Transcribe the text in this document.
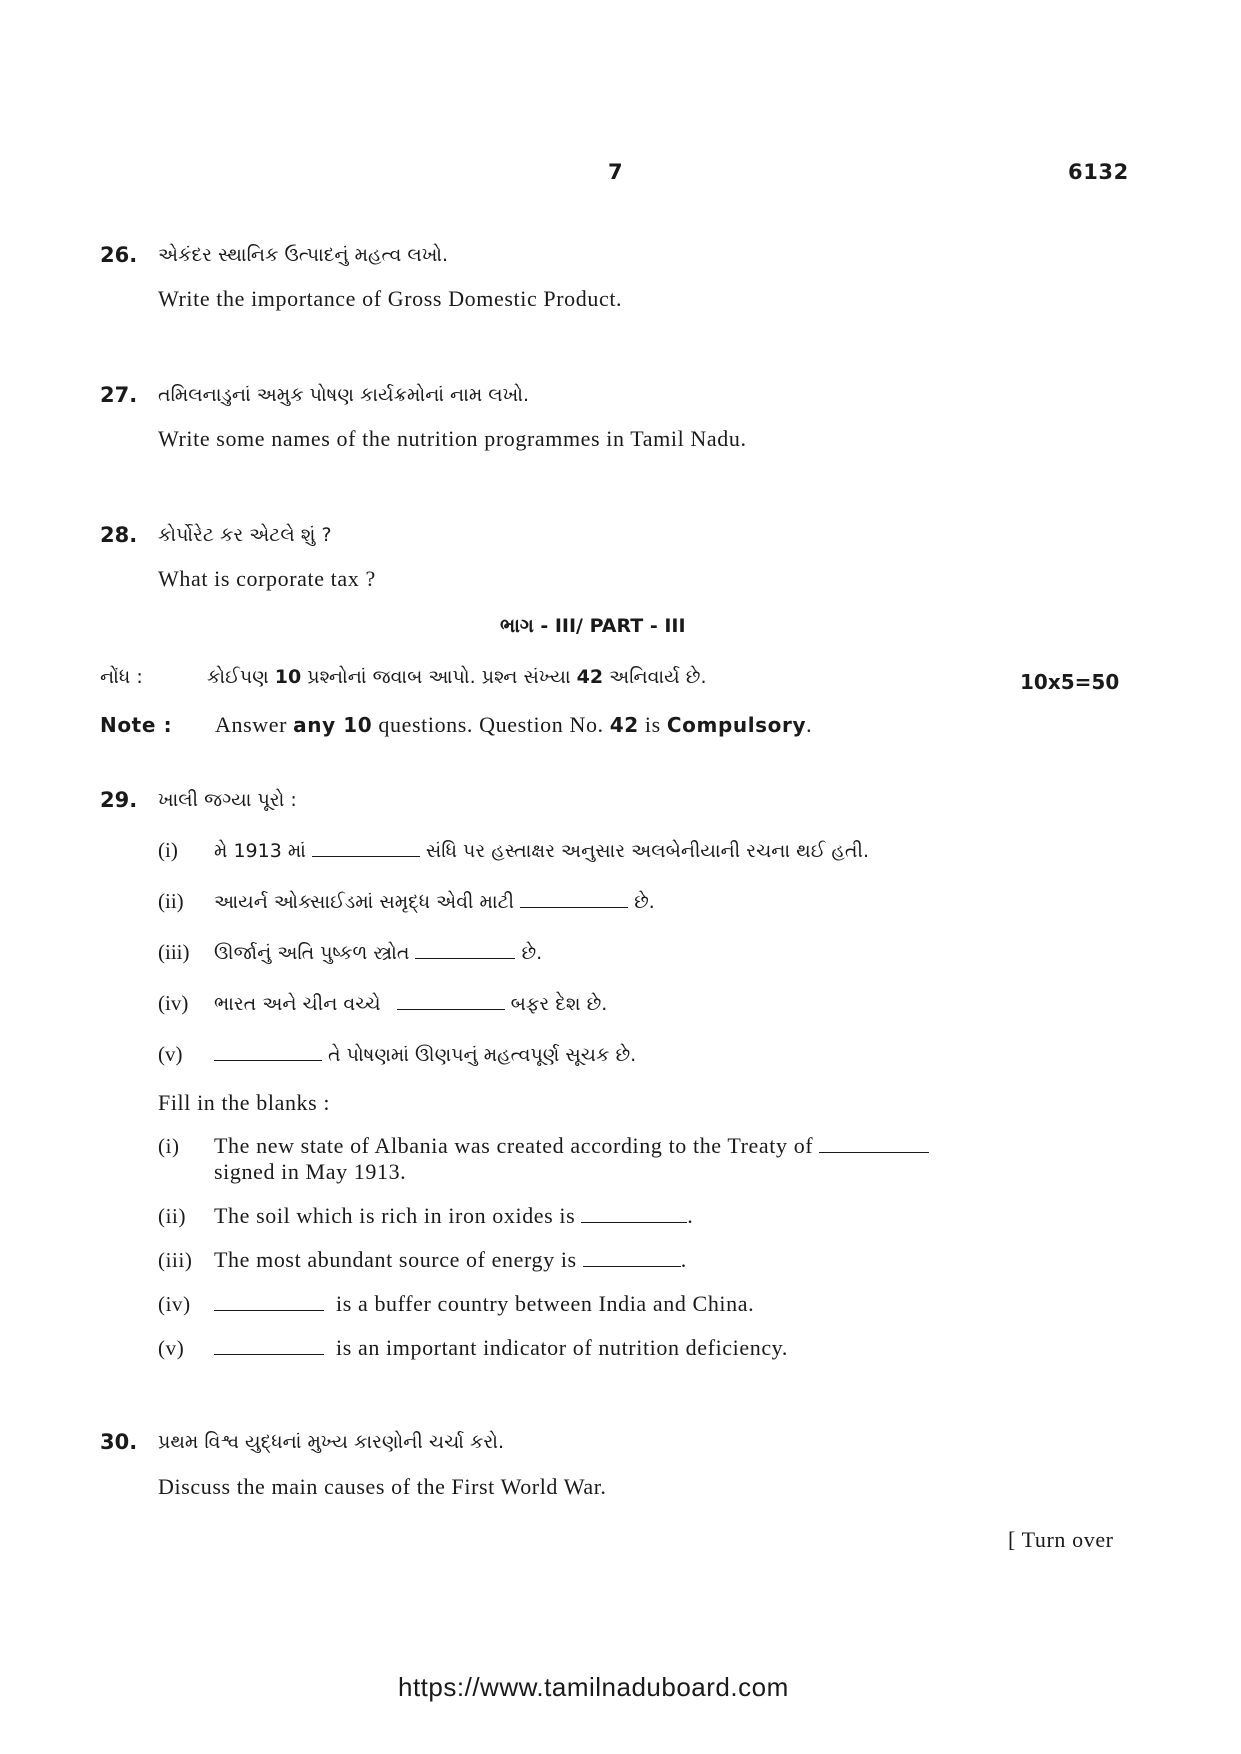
7	6132
26. એકંદર સ્થાનિક ઉત્પાદનું મહત્વ લખો.
Write the importance of Gross Domestic Product.
27. તમિલનાડુનાં અમુક પોષણ કાર્યક્રમોનાં નામ લખો.
Write some names of the nutrition programmes in Tamil Nadu.
28. કોર્પોરેટ કર એટલે શું ?
What is corporate tax ?
ભાગ - III/ PART - III
નોંધ :	કોઈપણ 10 પ્રશ્નોનાં જવાબ આપો. પ્રશ્ન સંખ્યા 42 અનિવાર્ય છે.	10x5=50
Note : Answer any 10 questions. Question No. 42 is Compulsory.
29. ખાલી જગ્યા પૂરો :
(i) મે 1913 માં	સંધિ પર હસ્તાક્ષર અનુસાર અલબેનીયાની રચના થઈ હતી.
(ii) આયર્ન ઓક્સાઈડમાં સમૃદ્ધ એવી માટી	છે.
(iii) ઊર્જાનું અતિ પુષ્કળ સ્ત્રોત	છે.
(iv) ભારત અને ચીન વચ્ચે	બફર દેશ છે.
(v)	તે પોષણમાં ઊણપનું મહત્વપૂર્ણ સૂચક છે.
Fill in the blanks :
(i) The new state of Albania was created according to the Treaty of
signed in May 1913.
(ii) The soil which is rich in iron oxides is	.
(iii) The most abundant source of energy is	.
(iv)	is a buffer country between India and China.
(v)	is an important indicator of nutrition deficiency.
30. પ્રથમ વિશ્વ યુદ્ધનાં મુખ્ય કારણોની ચર્ચા કરો.
Discuss the main causes of the First World War.
[ Turn over
https://www.tamilnaduboard.com
